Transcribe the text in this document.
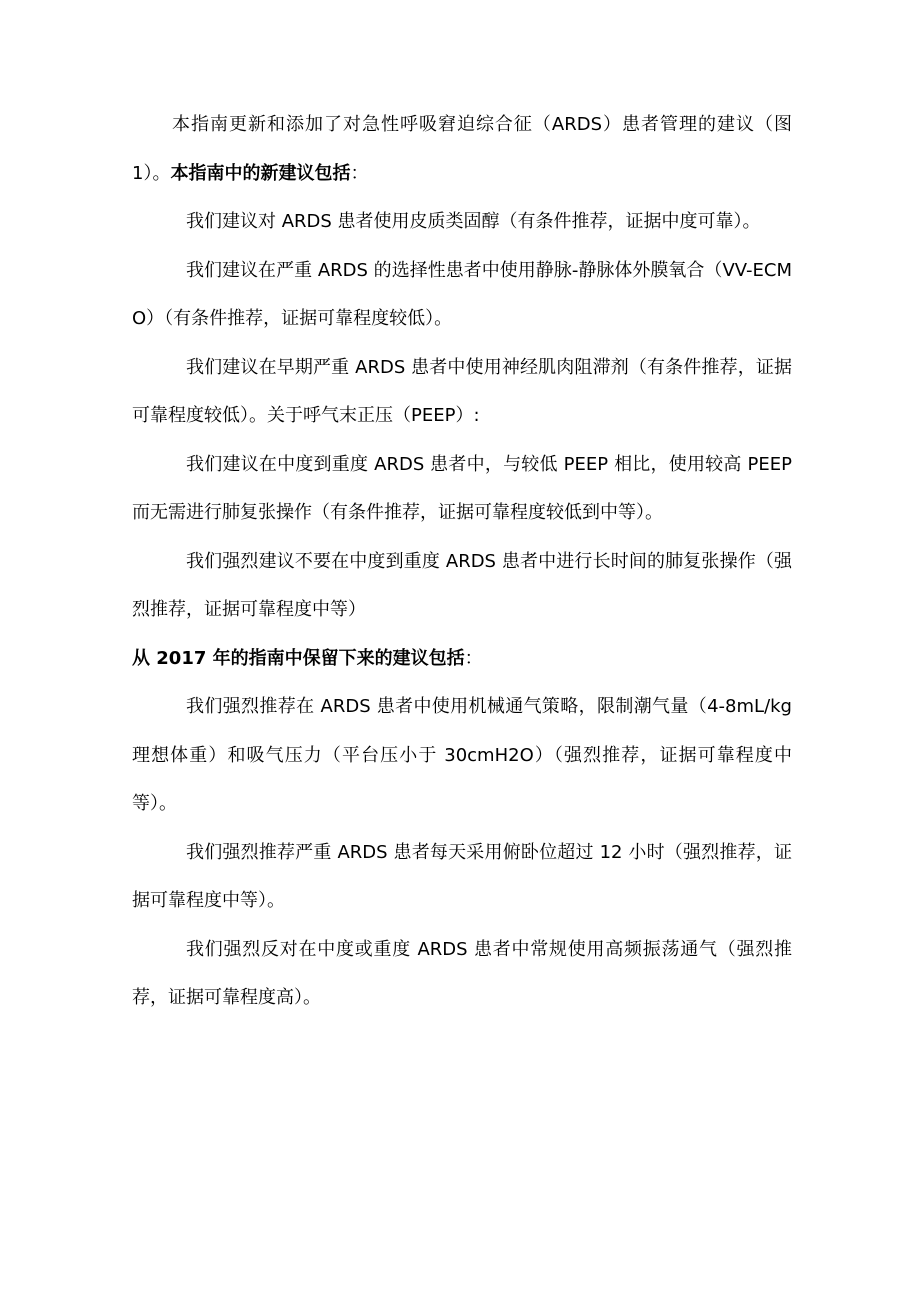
本指南更新和添加了对急性呼吸窘迫综合征（ARDS）患者管理的建议（图1）。本指南中的新建议包括：

我们建议对 ARDS 患者使用皮质类固醇（有条件推荐，证据中度可靠）。

我们建议在严重 ARDS 的选择性患者中使用静脉-静脉体外膜氧合（VV-ECMO）（有条件推荐，证据可靠程度较低）。

我们建议在早期严重 ARDS 患者中使用神经肌肉阻滞剂（有条件推荐，证据可靠程度较低）。关于呼气末正压（PEEP）:

我们建议在中度到重度 ARDS 患者中，与较低 PEEP 相比，使用较高 PEEP 而无需进行肺复张操作（有条件推荐，证据可靠程度较低到中等）。

我们强烈建议不要在中度到重度 ARDS 患者中进行长时间的肺复张操作（强烈推荐，证据可靠程度中等）

从 2017 年的指南中保留下来的建议包括：

我们强烈推荐在 ARDS 患者中使用机械通气策略，限制潮气量（4-8mL/kg 理想体重）和吸气压力（平台压小于 30cmH2O）（强烈推荐，证据可靠程度中等）。

我们强烈推荐严重 ARDS 患者每天采用俯卧位超过 12 小时（强烈推荐，证据可靠程度中等）。

我们强烈反对在中度或重度 ARDS 患者中常规使用高频振荡通气（强烈推荐，证据可靠程度高）。
